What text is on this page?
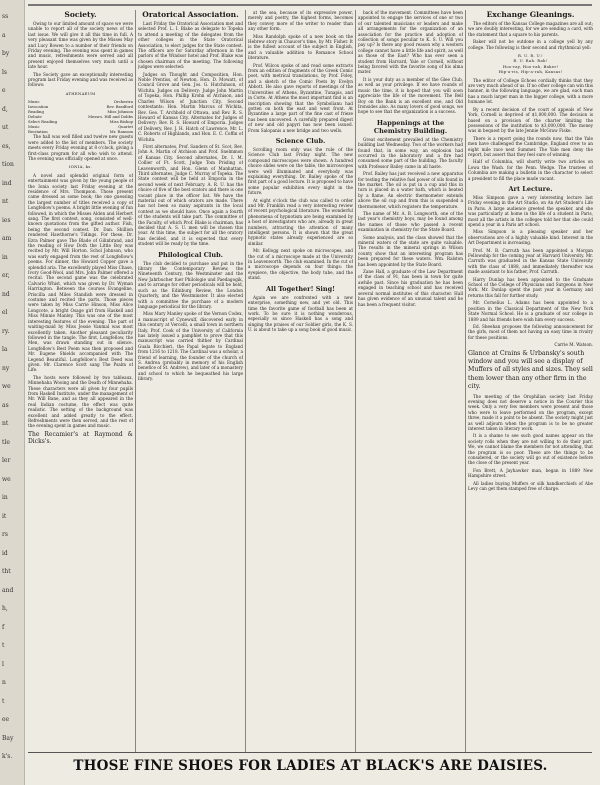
ss
a
by
ls
e
d,
ut
es,
tion
ind
nt
ies
am
in
er,
nd
el
ry.
la
ny
we
as
nt
tle
ler
we
in
it
rs
id
tht
and
h,
f
t
l
n
t
ee
Bay
k's.
Society.

Owing to our limited amount of space we were unable to report all of the society news of the last issue. We will give it all this time in full. A very pleasant time was given by the Misses May and Lucy Bowen to a number of their friends on Friday evening. The evening was spent in games and music, refreshments were served and all present enjoyed themselves very much until a late hour.

The Society gave an exceptionally interesting program last Friday evening and was received as follows:

ATHENAEUM
Music	Orchestra
Invocation	Rev. Bradford
Reading	Miss Johnson
Debate	Messrs. Hill and Dobbs
Select Reading	Miss Bishop
Music	Quartet
Recitation	Mr. Ransom

The hall was well filled and twelve new guests were added to the list of members. The society meets every Friday evening at 8 o'clock, giving a first-class program for all who wish to attend. The evening was officially opened at once.

IONIA, ks.

A novel and splendid original form of entertainment was given by the young people of the Ionia society last Friday evening at the residence of Mrs. Thompson. Those present came dressed as some book; the one guessing the largest number of titles received a copy of Longfellow's poems. A bright little evening of fun followed, in which the Misses Alden and Herbert sang. The first contest, song, consisted of well-known quotations from the gifted author. Fish, being the second contest. Dr. Dan. Shillion rendered Hawthorne's Tidings. For these, Dr. Ezra Palmer gave The Blade of Gilinbrand, and the reading of How Doth the Little Boy was recited by Mr. Will Horton. Schol Johnson, who was early engaged from the rest of Longfellow's poems. For dinner, the Howard Copper gave a splendid aria. The excellently played Miss Chase, Ivory Good-Wool, and Mrs. John Palmer offered a recital. The second game was the celebrated Calvario Whist, which was given by Dr. Wyman Harrington. Between the courses Evangeline, Priscilla and Miles Standish were dressed in costume and recited the parts. Those pieces were taken by Miss Carrie Hinson, Miss Alice Longcote, a bright Osage girl from Haskell and Miss Minnie Manley. This was one of the most interesting features of the evening. The part of waiting-maid by Miss Jessie Vanmal was most excellently taken. Another pleasant peculiarity followed in the tangle. The first, Longfellow, the Men, was drawn standing out in silence. Longfellow's Best Poem was then proposed and Mr. Eugene Shields accompanied with The Legend Beautiful. Longfellow's Best Deed was given. Mr. Clarence Scott sang The Psalm of Life.

The hosts were followed by two tableaux, Minnehaha Wooing and the Death of Minnehaha. These characters were all given by four pupils from Haskell Institute, under the management of Mr. Will Bane, and as they all appeared in the real Indian costume, the effect was quite realistic. The setting of the background was excellent and added greatly to the effect. Refreshments were then served, and the rest of the evening spent in games and music.

The Recamier's at Raymond & Dicks's.

Oratorical Association.

Last Friday the Oratorical Association met and selected Prof. L. I. Blake as delegate to Topeka to attend a meeting of the delegates from the other colleges in the State Oratorical Association, to elect judges for the State contest. The officers are for Saturday afternoon in the parlors of the Windsor hotel and Prof. Blake was chosen chairman of the meeting. The following judges were selected:

Judges on Thought and Composition, Hon. Noble Prentiss, of Newton, Hon. D. Mowatt, of Council Grove and Gen. Jos. G. Hutchinson, of Wichita. Judges on Delivery: Judge John Martin of Topeka, Hon. Phillip Krohn of Atchison, and Charles Wilson of Junction City. Second contestants: Hon. Martin Marcus of Wichita, Rev. Geo. T. Archbold of Ottawa, and Rev. R. S. Howard of Kansas City. Alternates for Judges of Delivery: Rev. R. S. Howard of Emporia. Judges of Delivery, Rev. J. H. Hatch of Lawrence, Mr. L. C. Roberts of Highlands, and Hon. E. C. Coffin of Wichita.

First alternates, Prof. Sanders of St. Scot, Rev. John A. Martin of Atchison and Prof. Snelmmon of Kansas City. Second alternates, Dr. I. M. Collier of Ft. Scott, Judge Tom Prisling of Leavenworth, and Hon. Glenn of Manhattan. Third alternates, Judge C. Murray of Topeka. The State contest will be held at Emporia in the second week of next February. A. R. U. has the choice of five of the best orators and there is one vacant place in the officer list. We have the material out of which orators are made. There has not been so many aspirants in the local contest as we should have. Once again a fourth of the students will take part. The committee of the Faculty, of which Prof. Blake is chairman, has decided that A. S. U. men will be chosen this year. At this time, the subject for all the oratory has decided, and it is expected that every student will be ready by the time.

Philological Club.

The club decided to purchase and put in the library the Contemporary Review, the Nineteenth Century, the Westminster and the New Jahrbucher fuer Philologie und Paedagogik, and to arrange for other periodicals will be held, such as the Edinburg Review, the London Quarterly, and the Westminster. It also elected with a committee the purchase of a modern language periodical for the library.

Miss Mary Manley spoke of the Vernon Codex, a manuscript of Cynewulf, discovered early in this century at Vercelli, a small town in northern Italy. Prof. Cook of the University of California has lately issued a pamphlet to prove that this manuscript was carried thither by Cardinal Guala Bicchieri, the Papal legate to England from 1216 to 1218. The Cardinal was a scholar, a friend of learning, the founder of the church of S. Andrea (probably in memory of his English benefice of St. Andrew), and later of a monastery and school to which he bequeathed his large library.

at the sea, because of its expressive power, merely and poetry, the highest forms, becomes they convey more of the writer to reader than any other form.

Miss Randolph spoke of a new book on the Hebrew story in Chaucer's time, by Mr. Fisher. It is the fullest account of the subject in English, and a valuable addition to Romance School literature.

Prof. Wilcox spoke of and read some extracts from an edition of fragments of the Greek Comic poet, with metrical translations, by Prof. Foley, and a sketch of the Comic Poets by Evelyn Abbott. He also gave reports of meetings of the Universities of Athens, Byzantine, Tunapis, and in Corte. At Athens the most important find is an inscription showing that the Symbolianu had gotten on both the east and west front. At Byzantine a large part of the fine cast of frieze has been uncovered. A carefully prepared digest of new and old papyri has now been issued. From Salopanis a new bridge and two wells.

Science Club.

Scrolling room only was the rule of the Science Club last Friday night. The new compound microscopes were shown. A hundred choice slides were on the table, the microscopes were well illuminated and everybody was explaining everything. Dr. Bailey spoke of the first part of a good lecture. It is proposed to have some popular exhibition every night in the future.

At eight o'clock the club was called to order and Mr. Franklin read a very interesting review of recent psychological literature. The wonderful phenomena of hypnotism are being examined by a host of investigators who are, already in great numbers, attracting the attention of many intelligent persons. It is shown that the great hypnotic states already experienced are so similar.

Mr. Kellogg next spoke on microscopes, and the cut of a microscope made at the University in Leavenworth. The club examined. In the cut of a microscope depends on four things: the eyepiece, the objective, the body tube, and the stand.

All Together! Sing!

Again we are confronted with a new enterprise, something new, and yet old. This time the favorite game of football has been at work. To be sure it is nothing wonderous, especially so since Haskell has a song and singing the praises of our Soldier girls, the K. S. U. is about to take up a song book of good music.

back of the movement. Committees have been appointed to engage the services of one or two of our talented musicians or leaders and make all arrangements for the organization of an association for the practice and adoption of collection of songs peculiar to K. S. U. Will you pay up? Is there any good reason why a western college cannot have a little life and spirit, as well as those of the East? Who has ever seen a student from Harvard, Yale or Cornell, without being favored with the favorite song of his alma mater.

It is your duty as a member of the Glee Club, as well as your privilege. If we have rounds of music the time, it is hoped that you will soon appreciate the life of the movement. The Bell Boy on the Bank is an excellent one, and Old Ironsides also. As many lovers of good songs, we hope to see that the organization is a success.

Happenings at the Chemistry Building.

Great excitement prevailed at the Chemistry building last Wednesday. Two of the workers had found that, in some way, an explosion had occurred in the laboratory and a fire had consumed some part of the building. The faculty with Professor Bailey came in all haste.

Prof. Bailey has just received a new apparatus for testing the relative fuel power of oils found in the market. The oil is put in a cup and this in turn is placed in a water bath, which is heated by a flame. An electric thermometer extends above the oil cup and from this is suspended a thermometer, which registers the temperature.

The name of Mr. A. B. Longworth, one of the last year's chemistry boys, may be found among the names of those who passed a recent examination in chemistry for the State Board.

Some analysis, and the class showed that the mineral waters of the state are quite valuable. The results in the mineral springs in Wilson county show that an interesting program has been prepared for these waters. Wm. Ralston has been appointed by the State Board.

Zane Hall, a graduate of the Law Department of the class of 91, has been in town for quite awhile past. Since his graduation he has been engaged in teaching school and has received several normal institutes of this character. Hall has given evidence of an unusual talent and he has been a frequent visitor.

Exchange Gleanings.

The editors of the Kansas College magazines are all out; we are doubly interesting, for we are sending a card, with the statement that a square to his parents.

Baker will not be outdone in a college yell by any college. The following is their second and rhythmical yell:

R. U. R. U.!
R. U. Rah. Rah!
Hoo-ray, Hoo-rah, Baker!
Hip-a-ris, Hip-a-rah, Kansas!

The editor of College Echoes cordially thinks that they are very much ahead of us. If no other college can win this banner, in the following language, we are glad, each man has a much larger man in the bigger college, with a more humane lot.

By a recent decision of the court of appeals of New York, Cornell is deprived of $1,000,000. The decision is based on a provision of the charter limiting the possessions of the institution to $3,000,000. The money was in bequest by the late Jennie McGraw Fiske.

There is a report going the rounds now, that the Yale men have challenged the Cambridge, England crew to an eight mile race next Summer. The Yale men deny the report, but assert that they feel sure of winning.

Half of Columbia, will shortly write two articles on Lowa the Wash. for the Penn. Wedge. The trustees of Columbia are making a bulletin in the character to select a president to fill the place made vacant.

Art Lecture.

Miss Simpson gave a very interesting lecture last Friday evening in the Art Studio, on An Art Student's Life in Paris. A large audience greeted the speaker, and she was particularly at home in the life of a student in Paris, most all the artists in the colleges told her that she could spend a year in a Paris art school.

Miss Simpson is a pleasing speaker and her observations are of a highly valuable kind. Interest in the Art Department is increasing.

Prof. M. B. Carruth has been appointed a Morgan Fellowship for the coming year at Harvard University. Mr. Carruth was graduated in the Kansas State University with the class of 1888, and immediately thereafter was made assistant to his father, Prof. Carruth.

Harry Dunlap has been appointed to the Graduate School of the College of Physicians and Surgeons in New York. Mr. Dunlap spent the past year in Germany and returns this fall for further study.

Mr. Cornelius L. Adams has been appointed to a position in the Classical Department of the New York State Normal School. He is a graduate of our college in 1889 and his friends here wish him every success.

Ed. Sheehan proposes the following announcement for the girls, most of them not having an easy time in rivalry for these positions.

Carrie M. Watson.

Glance at Crains & Urbansky's south window and you will see a display of Muffers of all styles and sizes. They sell them lower than any other firm in the city.

The meeting of the Orophilian society last Friday evening does not deserve a notice in the Courier this week. Only a very few members were present and those who were to leave performed on the program, except three, made it a point to be absent. The society might just as well adjourn when the program is to be no greater interest taken in literary work.

It is a shame to see such good names appear on the society rolls when they are not willing to do their part. We, we cannot blame the members for not attending, that the program is so poor. These are the things to be considered, or the society will go out of existence before the close of the present year.

Fon Brett, A Jayhawker man, began in 1889 New Hampshire street.

All ladies buying Muffers or silk handkerchiefs of Abe Levy can get them stamped free of charge.

THOSE FINE SHOES FOR LADIES AT BLACK'S ARE DAISIES.
